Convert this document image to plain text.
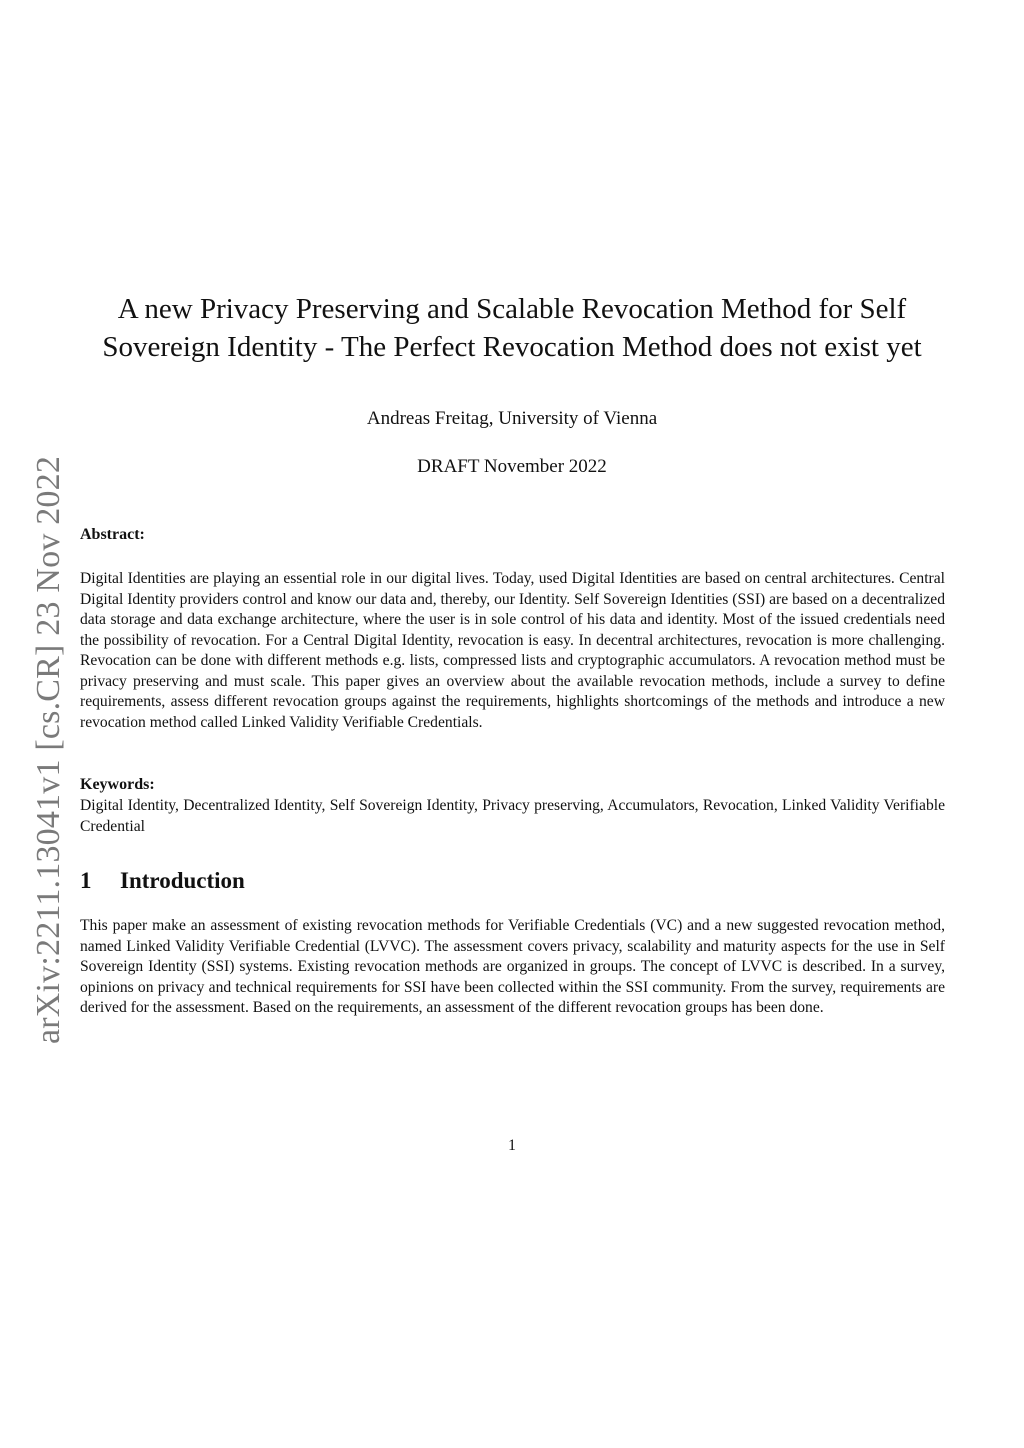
arXiv:2211.13041v1 [cs.CR] 23 Nov 2022
A new Privacy Preserving and Scalable Revocation Method for Self
Sovereign Identity - The Perfect Revocation Method does not exist yet
Andreas Freitag, University of Vienna
DRAFT November 2022
Abstract:
Digital Identities are playing an essential role in our digital lives. Today, used Digital Identities are based on central architectures. Central Digital Identity providers control and know our data and, thereby, our Identity. Self Sovereign Identities (SSI) are based on a decentralized data storage and data exchange architecture, where the user is in sole control of his data and identity. Most of the issued credentials need the possibility of revocation. For a Central Digital Identity, revocation is easy. In decentral architectures, revocation is more challenging. Revocation can be done with different methods e.g. lists, compressed lists and cryptographic accumulators. A revocation method must be privacy preserving and must scale. This paper gives an overview about the available revocation methods, include a survey to define requirements, assess different revocation groups against the requirements, highlights shortcomings of the methods and introduce a new revocation method called Linked Validity Verifiable Credentials.
Keywords:
Digital Identity, Decentralized Identity, Self Sovereign Identity, Privacy preserving, Accumulators, Revocation, Linked Validity Verifiable Credential
1 Introduction
This paper make an assessment of existing revocation methods for Verifiable Credentials (VC) and a new suggested revocation method, named Linked Validity Verifiable Credential (LVVC). The assessment covers privacy, scalability and maturity aspects for the use in Self Sovereign Identity (SSI) systems. Existing revocation methods are organized in groups. The concept of LVVC is described. In a survey, opinions on privacy and technical requirements for SSI have been collected within the SSI community. From the survey, requirements are derived for the assessment. Based on the requirements, an assessment of the different revocation groups has been done.
1
